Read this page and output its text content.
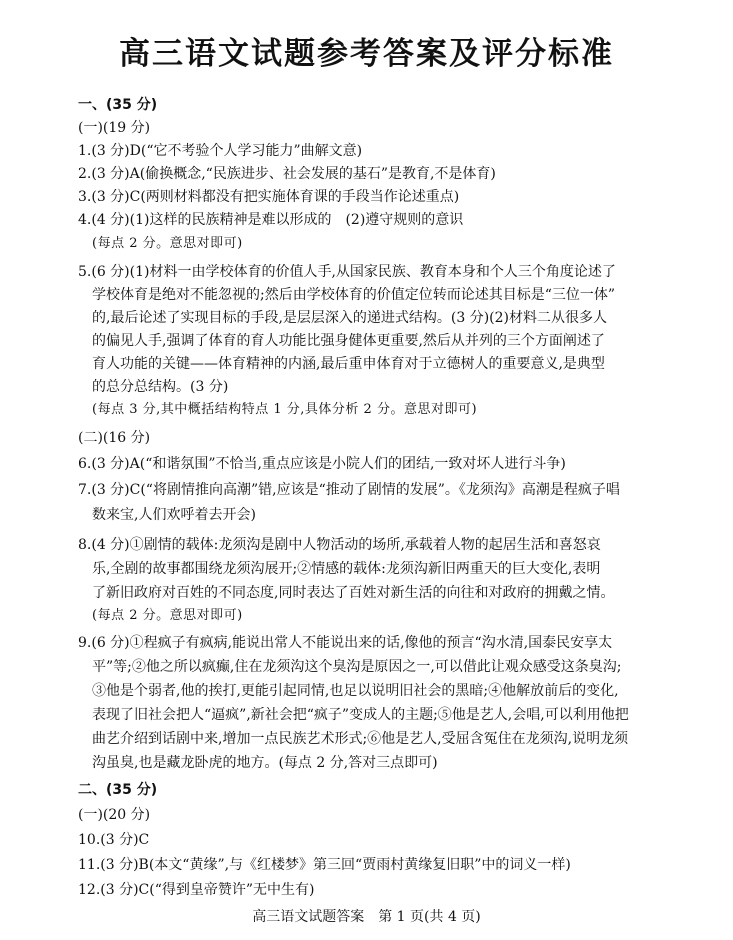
高三语文试题参考答案及评分标准
一、(35 分)
(一)(19 分)
1.(3 分)D(“它不考验个人学习能力”曲解文意)
2.(3 分)A(偷换概念,“民族进步、社会发展的基石”是教育,不是体育)
3.(3 分)C(两则材料都没有把实施体育课的手段当作论述重点)
4.(4 分)(1)这样的民族精神是难以形成的　(2)遵守规则的意识
(每点 2 分。意思对即可)
5.(6 分)(1)材料一由学校体育的价值人手,从国家民族、教育本身和个人三个角度论述了
学校体育是绝对不能忽视的;然后由学校体育的价值定位转而论述其目标是“三位一体”
的,最后论述了实现目标的手段,是层层深入的递进式结构。(3 分)(2)材料二从很多人
的偏见人手,强调了体育的育人功能比强身健体更重要,然后从并列的三个方面阐述了
育人功能的关键——体育精神的内涵,最后重申体育对于立德树人的重要意义,是典型
的总分总结构。(3 分)
(每点 3 分,其中概括结构特点 1 分,具体分析 2 分。意思对即可)
(二)(16 分)
6.(3 分)A(“和谐氛围”不恰当,重点应该是小院人们的团结,一致对坏人进行斗争)
7.(3 分)C(“将剧情推向高潮”错,应该是“推动了剧情的发展”。《龙须沟》高潮是程疯子唱
数来宝,人们欢呼着去开会)
8.(4 分)①剧情的载体:龙须沟是剧中人物活动的场所,承载着人物的起居生活和喜怒哀
乐,全剧的故事都围绕龙须沟展开;②情感的载体:龙须沟新旧两重天的巨大变化,表明
了新旧政府对百姓的不同态度,同时表达了百姓对新生活的向往和对政府的拥戴之情。
(每点 2 分。意思对即可)
9.(6 分)①程疯子有疯病,能说出常人不能说出来的话,像他的预言“沟水清,国泰民安享太
平”等;②他之所以疯癫,住在龙须沟这个臭沟是原因之一,可以借此让观众感受这条臭沟;
③他是个弱者,他的挨打,更能引起同情,也足以说明旧社会的黑暗;④他解放前后的变化,
表现了旧社会把人“逼疯”,新社会把“疯子”变成人的主题;⑤他是艺人,会唱,可以利用他把
曲艺介绍到话剧中来,增加一点民族艺术形式;⑥他是艺人,受屈含冤住在龙须沟,说明龙须
沟虽臭,也是藏龙卧虎的地方。(每点 2 分,答对三点即可)
二、(35 分)
(一)(20 分)
10.(3 分)C
11.(3 分)B(本文“黄缘”,与《红楼梦》第三回“贾雨村黄缘复旧职”中的词义一样)
12.(3 分)C(“得到皇帝赞许”无中生有)
高三语文试题答案　第 1 页(共 4 页)
